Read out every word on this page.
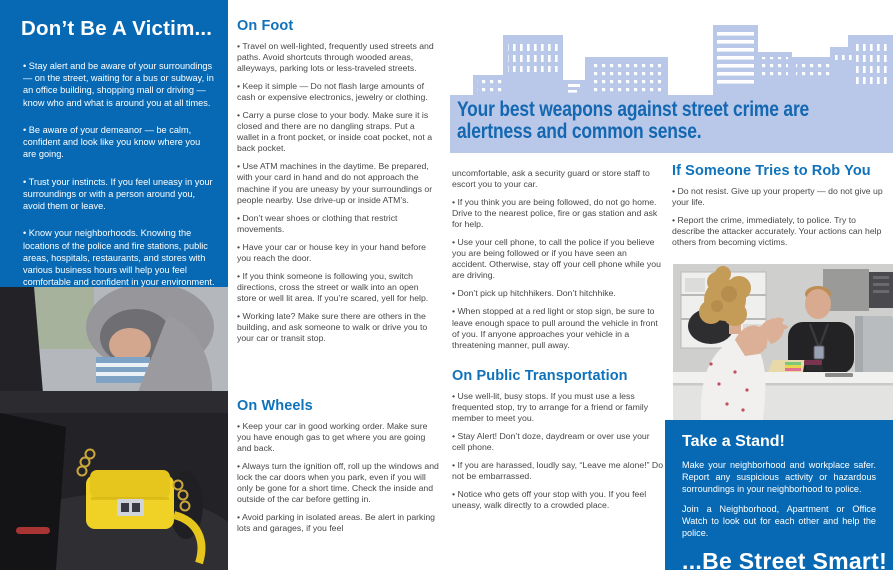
Don’t Be A Victim...
• Stay alert and be aware of your surroundings — on the street, waiting for a bus or subway, in an office building, shopping mall or driving — know who and what is around you at all times.
• Be aware of your demeanor — be calm, confident and look like you know where you are going.
• Trust your instincts. If you feel uneasy in your surroundings or with a person around you, avoid them or leave.
• Know your neighborhoods. Knowing the locations of the police and fire stations, public areas, hospitals, restaurants, and stores with various business hours will help you feel comfortable and confident in your environment.
On Foot
• Travel on well-lighted, frequently used streets and paths. Avoid shortcuts through wooded areas, alleyways, parking lots or less-traveled streets.
• Keep it simple — Do not flash large amounts of cash or expensive electronics, jewelry or clothing.
• Carry a purse close to your body. Make sure it is closed and there are no dangling straps. Put a wallet in a front pocket, or inside coat pocket, not a back pocket.
• Use ATM machines in the daytime. Be prepared, with your card in hand and do not approach the machine if you are uneasy by your surroundings or people nearby. Use drive-up or inside ATM’s.
• Don’t wear shoes or clothing that restrict movements.
• Have your car or house key in your hand before you reach the door.
• If you think someone is following you, switch directions, cross the street or walk into an open store or well lit area. If you’re scared, yell for help.
• Working late? Make sure there are others in the building, and ask someone to walk or drive you to your car or transit stop.
On Wheels
• Keep your car in good working order. Make sure you have enough gas to get where you are going and back.
• Always turn the ignition off, roll up the windows and lock the car doors when you park, even if you will only be gone for a short time. Check the inside and outside of the car before getting in.
• Avoid parking in isolated areas. Be alert in parking lots and garages, if you feel
Your best weapons against street crime are
alertness and common sense.
uncomfortable, ask a security guard or store staff to escort you to your car.
• If you think you are being followed, do not go home. Drive to the nearest police, fire or gas station and ask for help.
• Use your cell phone, to call the police if you believe you are being followed or if you have seen an accident. Otherwise, stay off your cell phone while you are driving.
• Don’t pick up hitchhikers. Don’t hitchhike.
• When stopped at a red light or stop sign, be sure to leave enough space to pull around the vehicle in front of you. If anyone approaches your vehicle in a threatening manner, pull away.
On Public Transportation
• Use well-lit, busy stops. If you must use a less frequented stop, try to arrange for a friend or family member to meet you.
• Stay Alert! Don’t doze, daydream or over use your cell phone.
• If you are harassed, loudly say, “Leave me alone!” Do not be embarrassed.
• Notice who gets off your stop with you. If you feel uneasy, walk directly to a crowded place.
If Someone Tries to Rob You
• Do not resist. Give up your property — do not give up your life.
• Report the crime, immediately, to police. Try to describe the attacker accurately. Your actions can help others from becoming victims.
Take a Stand!
Make your neighborhood and workplace safer. Report any suspicious activity or hazardous sorroundings in your neighborhood to police.
Join a Neighborhood, Apartment or Office Watch to look out for each other and help the police.
...Be Street Smart!
